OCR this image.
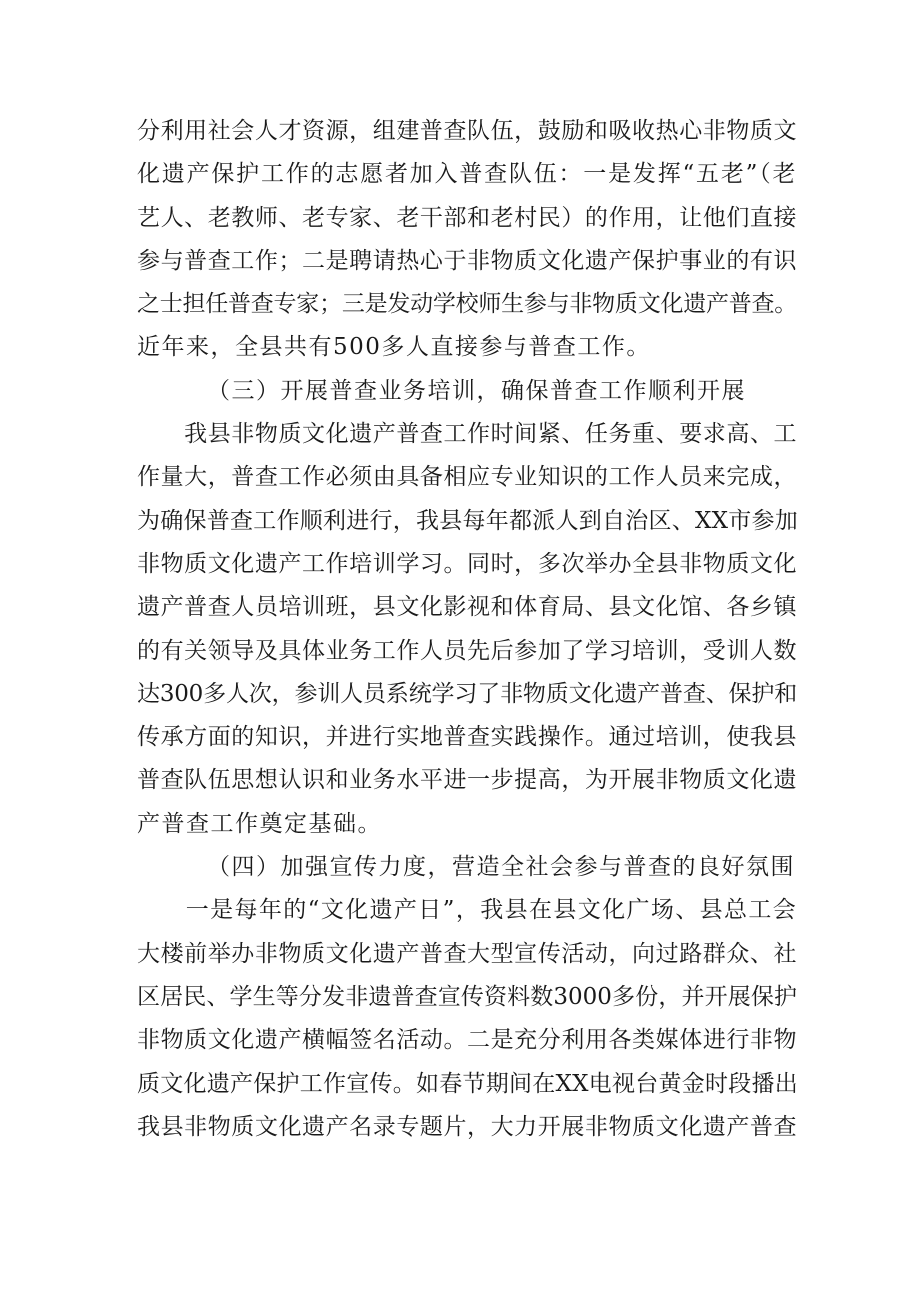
分利用社会人才资源，组建普查队伍，鼓励和吸收热心非物质文
化遗产保护工作的志愿者加入普查队伍：一是发挥“五老”（老
艺人、老教师、老专家、老干部和老村民）的作用，让他们直接
参与普查工作；二是聘请热心于非物质文化遗产保护事业的有识
之士担任普查专家；三是发动学校师生参与非物质文化遗产普查。
近年来，全县共有500多人直接参与普查工作。
（三）开展普查业务培训，确保普查工作顺利开展
　　我县非物质文化遗产普查工作时间紧、任务重、要求高、工
作量大，普查工作必须由具备相应专业知识的工作人员来完成，
为确保普查工作顺利进行，我县每年都派人到自治区、XX市参加
非物质文化遗产工作培训学习。同时，多次举办全县非物质文化
遗产普查人员培训班，县文化影视和体育局、县文化馆、各乡镇
的有关领导及具体业务工作人员先后参加了学习培训，受训人数
达300多人次，参训人员系统学习了非物质文化遗产普查、保护和
传承方面的知识，并进行实地普查实践操作。通过培训，使我县
普查队伍思想认识和业务水平进一步提高，为开展非物质文化遗
产普查工作奠定基础。
（四）加强宣传力度，营造全社会参与普查的良好氛围
　　一是每年的“文化遗产日”，我县在县文化广场、县总工会
大楼前举办非物质文化遗产普查大型宣传活动，向过路群众、社
区居民、学生等分发非遗普查宣传资料数3000多份，并开展保护
非物质文化遗产横幅签名活动。二是充分利用各类媒体进行非物
质文化遗产保护工作宣传。如春节期间在XX电视台黄金时段播出
我县非物质文化遗产名录专题片，大力开展非物质文化遗产普查
